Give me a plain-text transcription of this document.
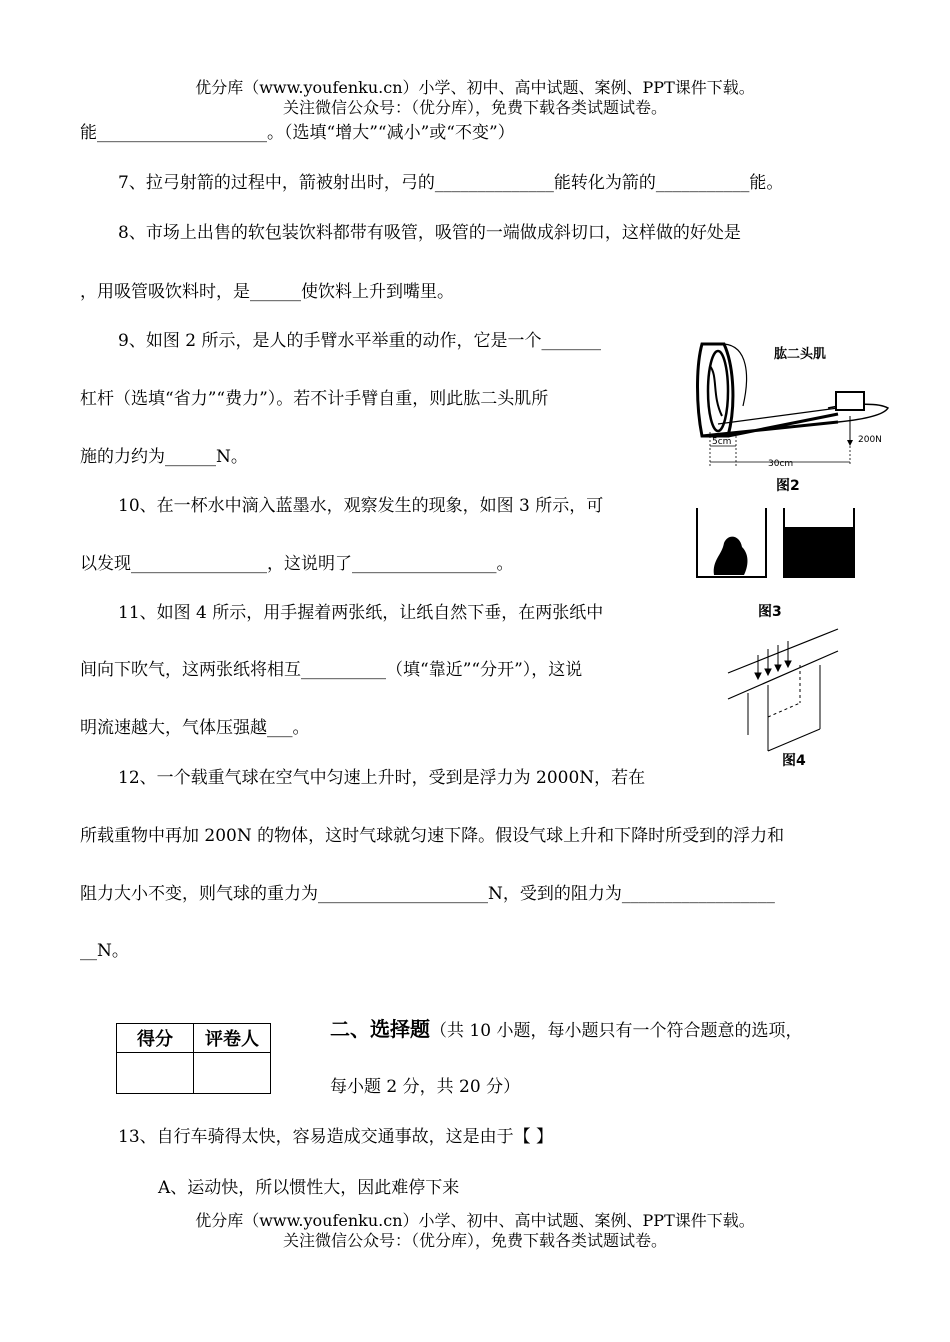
优分库（www.youfenku.cn）小学、初中、高中试题、案例、PPT课件下载。
关注微信公众号：（优分库），免费下载各类试题试卷。
能____________________。（选填“增大”“减小”或“不变”）
7、拉弓射箭的过程中，箭被射出时，弓的______________能转化为箭的___________能。
8、市场上出售的软包装饮料都带有吸管，吸管的一端做成斜切口，这样做的好处是
，用吸管吸饮料时，是______使饮料上升到嘴里。
9、如图 2 所示，是人的手臂水平举重的动作，它是一个_______
杠杆（选填“省力”“费力”）。若不计手臂自重，则此肱二头肌所
施的力约为______N。
10、在一杯水中滴入蓝墨水，观察发生的现象，如图 3 所示，可
以发现________________，这说明了_________________。
11、如图 4 所示，用手握着两张纸，让纸自然下垂，在两张纸中
间向下吹气，这两张纸将相互__________（填“靠近”“分开”），这说
明流速越大，气体压强越___。
12、一个载重气球在空气中匀速上升时，受到是浮力为 2000N，若在
所载重物中再加 200N 的物体，这时气球就匀速下降。假设气球上升和下降时所受到的浮力和
阻力大小不变，则气球的重力为____________________N，受到的阻力为__________________
__N。
得分	评卷人
		二、选择题（共 10 小题，每小题只有一个符合题意的选项，
每小题 2 分，共 20 分）
13、自行车骑得太快，容易造成交通事故，这是由于【 】
A、运动快，所以惯性大，因此难停下来
优分库（www.youfenku.cn）小学、初中、高中试题、案例、PPT课件下载。
关注微信公众号：（优分库），免费下载各类试题试卷。
200N
肱二头肌
5cm
30cm
图2
图3
图4
